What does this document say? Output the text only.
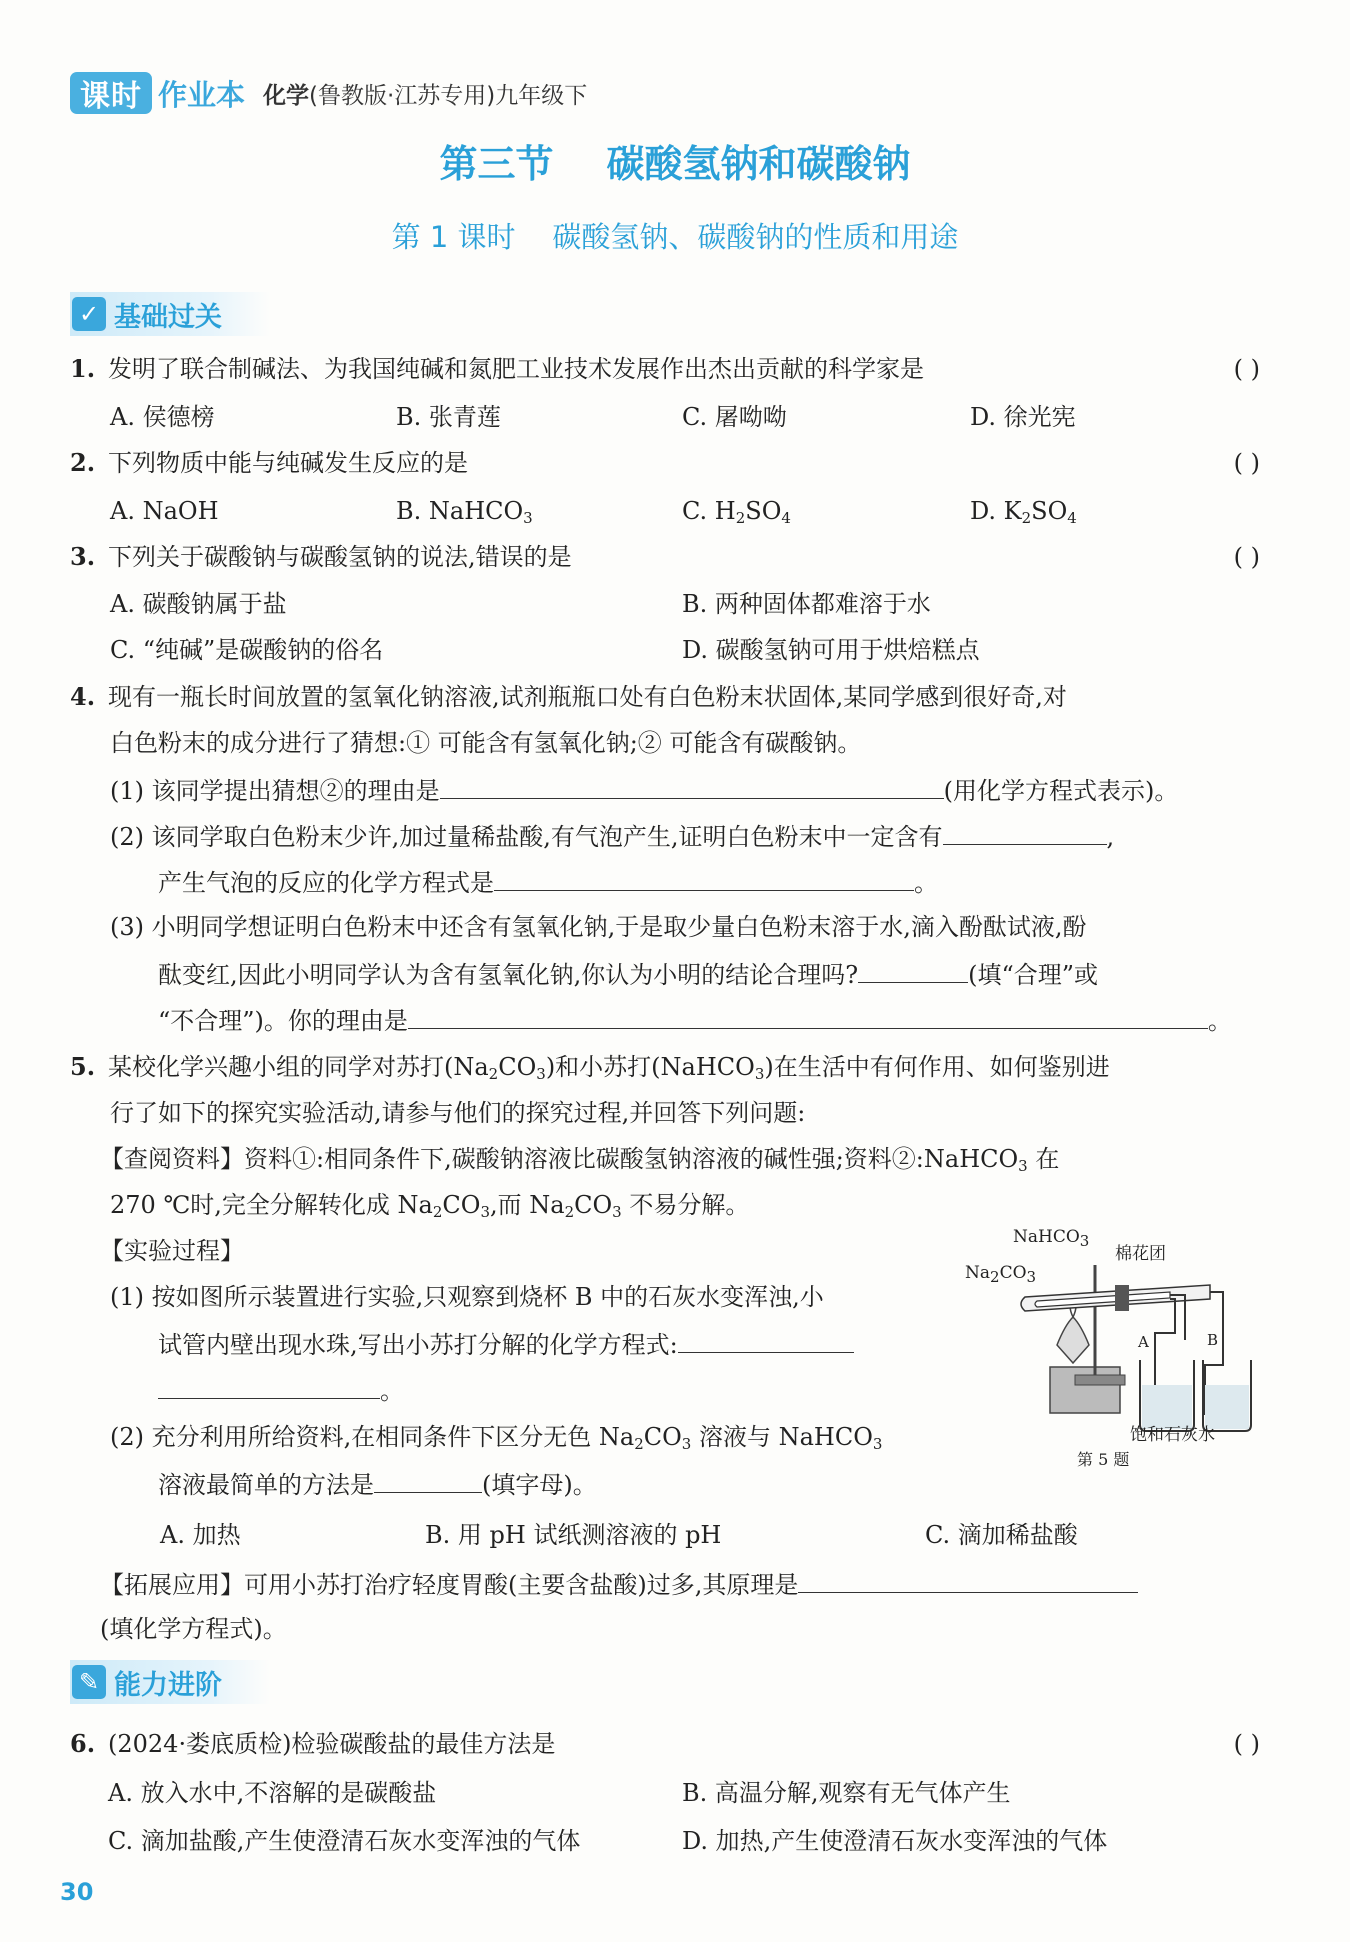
课时 作业本 化学(鲁教版·江苏专用)九年级下
第三节    碳酸氢钠和碳酸钠
第 1 课时    碳酸氢钠、碳酸钠的性质和用途
✓ 基础过关
1. 发明了联合制碱法、为我国纯碱和氮肥工业技术发展作出杰出贡献的科学家是	( )
A. 侯德榜	B. 张青莲	C. 屠呦呦	D. 徐光宪
2. 下列物质中能与纯碱发生反应的是	( )
A. NaOH	B. NaHCO$_3$	C. $H_2SO_4$	D. $K_2SO_4$
3. 下列关于碳酸钠与碳酸氢钠的说法,错误的是	( )
A. 碳酸钠属于盐	B. 两种固体都难溶于水
C. “纯碱”是碳酸钠的俗名	D. 碳酸氢钠可用于烘焙糕点
4. 现有一瓶长时间放置的氢氧化钠溶液,试剂瓶瓶口处有白色粉末状固体,某同学感到很好奇,对
白色粉末的成分进行了猜想:① 可能含有氢氧化钠;② 可能含有碳酸钠。
(1) 该同学提出猜想②的理由是	(用化学方程式表示)。
(2) 该同学取白色粉末少许,加过量稀盐酸,有气泡产生,证明白色粉末中一定含有	,
产生气泡的反应的化学方程式是	。
(3) 小明同学想证明白色粉末中还含有氢氧化钠,于是取少量白色粉末溶于水,滴入酚酞试液,酚
酞变红,因此小明同学认为含有氢氧化钠,你认为小明的结论合理吗?	(填“合理”或
“不合理”)。你的理由是	。
5. 某校化学兴趣小组的同学对苏打$(Na_2CO_3)$和小苏打(NaHCO$_3$)在生活中有何作用、如何鉴别进
行了如下的探究实验活动,请参与他们的探究过程,并回答下列问题:
【查阅资料】资料①:相同条件下,碳酸钠溶液比碳酸氢钠溶液的碱性强;资料②:NaHCO$_3$ 在
270 ℃时,完全分解转化成 $Na_2CO_3$,而 $Na_2CO_3$ 不易分解。
【实验过程】
(1) 按如图所示装置进行实验,只观察到烧杯 B 中的石灰水变浑浊,小
试管内壁出现水珠,写出小苏打分解的化学方程式:
。
(2) 充分利用所给资料,在相同条件下区分无色 $Na_2CO_3$ 溶液与 NaHCO$_3$
溶液最简单的方法是	(填字母)。
A. 加热	B. 用 pH 试纸测溶液的 pH	C. 滴加稀盐酸
【拓展应用】可用小苏打治疗轻度胃酸(主要含盐酸)过多,其原理是
(填化学方程式)。
NaHCO$_3$
$Na_2CO_3$
棉花团
A	B
饱和石灰水
第 5 题
✎ 能力进阶
6. (2024·娄底质检)检验碳酸盐的最佳方法是	( )
A. 放入水中,不溶解的是碳酸盐	B. 高温分解,观察有无气体产生
C. 滴加盐酸,产生使澄清石灰水变浑浊的气体	D. 加热,产生使澄清石灰水变浑浊的气体
30
